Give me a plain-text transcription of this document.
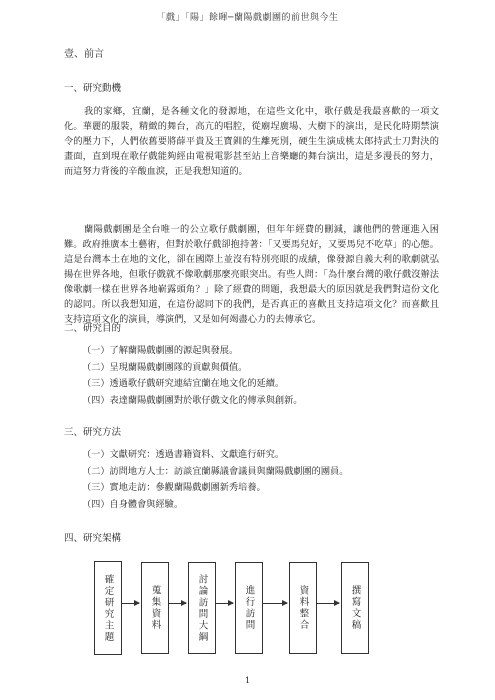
「戲」「陽」餘暉─蘭陽戲劇團的前世與今生
壹、前言
一、研究動機

我的家鄉，宜蘭，是各種文化的發源地，在這些文化中，歌仔戲是我最喜歡的一項文化。華麗的服裝，精緻的舞台，高亢的唱腔，從廟埕廣場、大樹下的演出，是民化時期禁演令的壓力下，人們依舊要將薛平貴及王寶釧的生離死別，硬生生演成桃太郎持武士刀對決的畫面，直到現在歌仔戲能夠經由電視電影甚至站上音樂廳的舞台演出，這是多漫長的努力，而這努力背後的辛酸血淚，正是我想知道的。

蘭陽戲劇團是全台唯一的公立歌仔戲劇團，但年年經費的刪減，讓他們的營運進入困難。政府推廣本土藝術，但對於歌仔戲卻抱持著：「又要馬兒好，又要馬兒不吃草」的心態。這是台灣本土在地的文化，卻在國際上並沒有特別亮眼的成績，像發源自義大利的歌劇就弘揚在世界各地，但歌仔戲就不像歌劇那麼亮眼突出。有些人問：「為什麼台灣的歌仔戲沒辦法像歌劇一樣在世界各地嶄露頭角？」除了經費的問題，我想最大的原因就是我們對這份文化的認同。所以我想知道，在這份認同下的我們，是否真正的喜歡且支持這項文化？而喜歡且支持這項文化的演員，導演們，又是如何竭盡心力的去傳承它。

二、研究目的
（一）了解蘭陽戲劇團的源起與發展。
（二）呈現蘭陽戲劇團隊的貢獻與價值。
（三）透過歌仔戲研究連結宜蘭在地文化的延續。
（四）表達蘭陽戲劇團對於歌仔戲文化的傳承與創新。
三、研究方法
（一）文獻研究：透過書籍資料、文獻進行研究。
（二）訪問地方人士：訪談宜蘭縣議會議員與蘭陽戲劇團的團員。
（三）實地走訪：參觀蘭陽戲劇團新秀培養。
（四）自身體會與經驗。
四、研究架構
確定研究主題	蒐集資料	討論訪問大綱	進行訪問	資料整合	撰寫文稿
1
